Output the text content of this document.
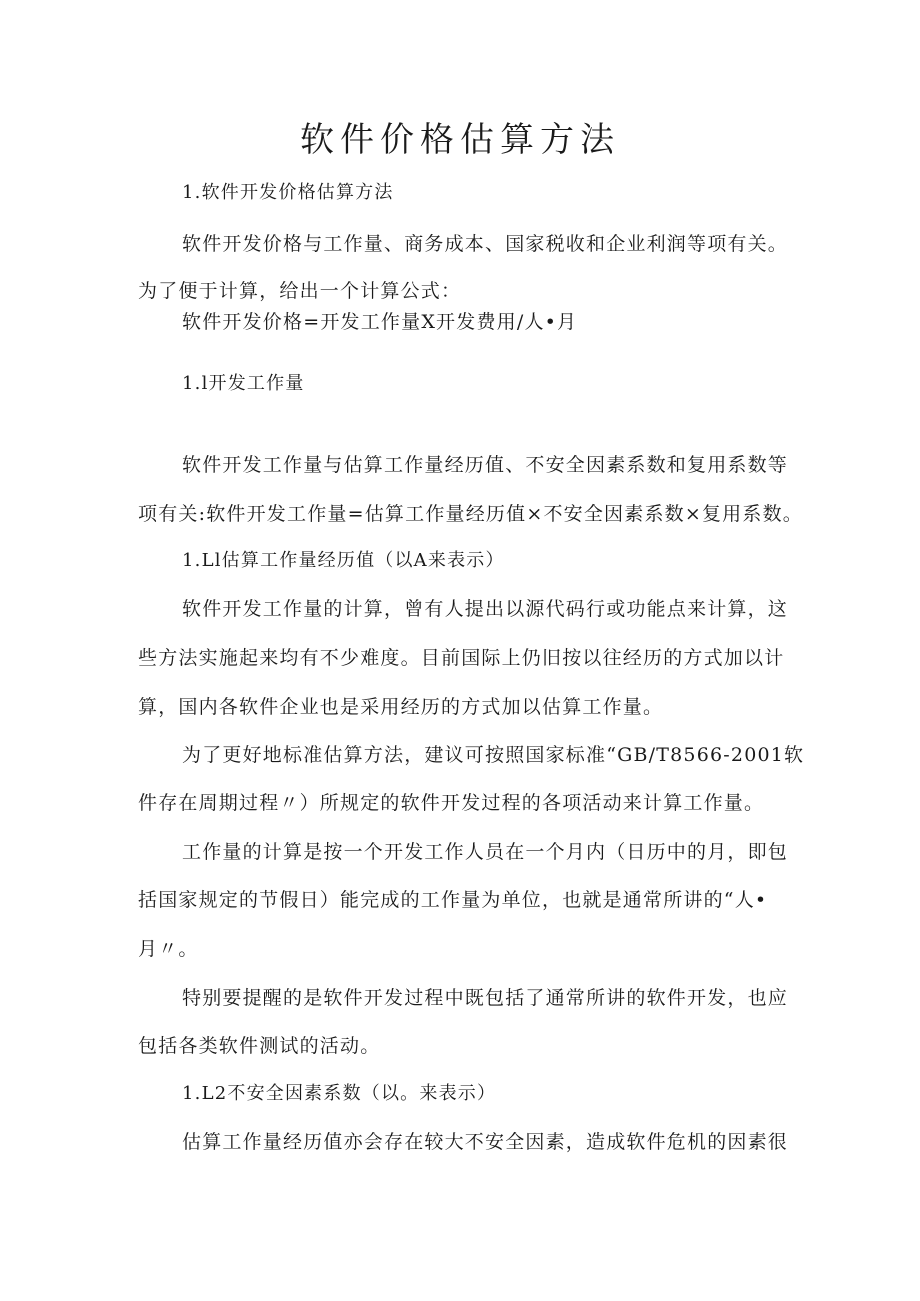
软件价格估算方法
1.软件开发价格估算方法
软件开发价格与工作量、商务成本、国家税收和企业利润等项有关。
为了便于计算，给出一个计算公式：
软件开发价格=开发工作量X开发费用/人•月
1.l开发工作量
软件开发工作量与估算工作量经历值、不安全因素系数和复用系数等
项有关:软件开发工作量=估算工作量经历值×不安全因素系数×复用系数。
1.Ll估算工作量经历值（以A来表示）
软件开发工作量的计算，曾有人提出以源代码行或功能点来计算，这
些方法实施起来均有不少难度。目前国际上仍旧按以往经历的方式加以计
算，国内各软件企业也是采用经历的方式加以估算工作量。
为了更好地标准估算方法，建议可按照国家标准“GB/T8566-2001软
件存在周期过程〃）所规定的软件开发过程的各项活动来计算工作量。
工作量的计算是按一个开发工作人员在一个月内（日历中的月，即包
括国家规定的节假日）能完成的工作量为单位，也就是通常所讲的“人•
月〃。
特别要提醒的是软件开发过程中既包括了通常所讲的软件开发，也应
包括各类软件测试的活动。
1.L2不安全因素系数（以。来表示）
估算工作量经历值亦会存在较大不安全因素，造成软件危机的因素很
